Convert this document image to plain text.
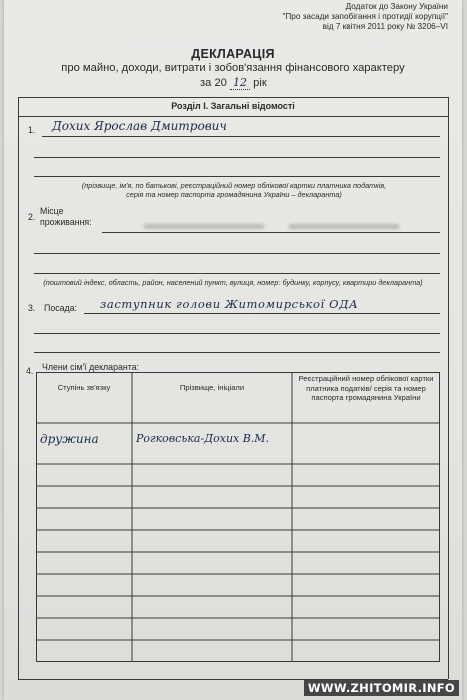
Додаток до Закону України
"Про засади запобігання і протидії корупції"
від 7 квітня 2011 року № 3206–VI
ДЕКЛАРАЦІЯ
про майно, доходи, витрати і зобов'язання фінансового характеру
за 20 12 рік
Розділ І. Загальні відомості
1. Дохих Ярослав Дмитрович
(прізвище, ім'я, по батькові, реєстраційний номер облікової картки платника податків,
серія та номер паспорта громадянина України – декларанта)
2.
Місце
проживання:
(поштовий індекс, область, район, населений пункт, вулиця, номер: будинку, корпусу, квартири декларанта)
3. Посада: заступник голови Житомирської ОДА
4. Члени сім'ї декларанта:
Ступінь зв'язку	Прізвище, ініціали
Реєстраційний номер облікової картки платника податків/ серія та номер паспорта громадянина України
дружина	Рогковська-Дохих В.М.
WWW.ZHITOMIR.INFO
